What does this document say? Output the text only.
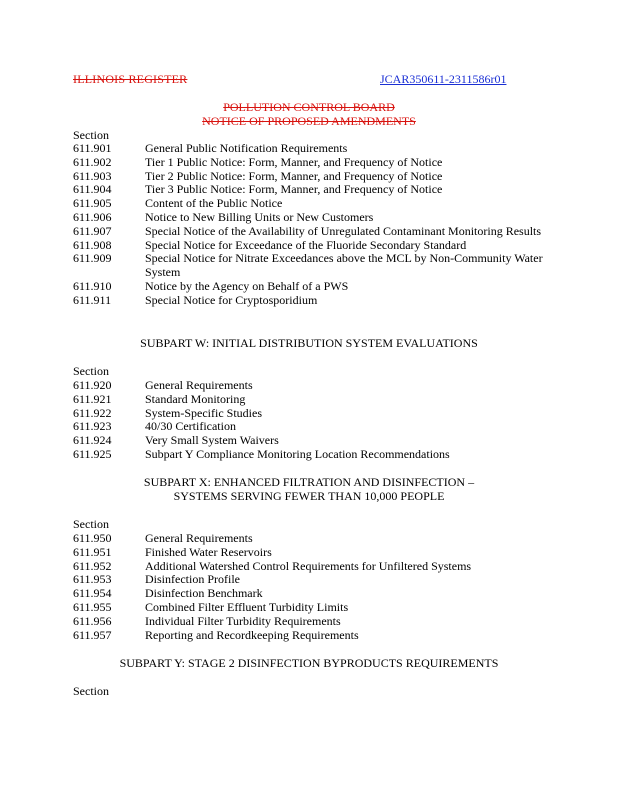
ILLINOIS REGISTER	JCAR350611-2311586r01
POLLUTION CONTROL BOARD
NOTICE OF PROPOSED AMENDMENTS
Section
611.901	General Public Notification Requirements
611.902	Tier 1 Public Notice: Form, Manner, and Frequency of Notice
611.903	Tier 2 Public Notice: Form, Manner, and Frequency of Notice
611.904	Tier 3 Public Notice: Form, Manner, and Frequency of Notice
611.905	Content of the Public Notice
611.906	Notice to New Billing Units or New Customers
611.907	Special Notice of the Availability of Unregulated Contaminant Monitoring Results
611.908	Special Notice for Exceedance of the Fluoride Secondary Standard
611.909	Special Notice for Nitrate Exceedances above the MCL by Non-Community Water System
611.910	Notice by the Agency on Behalf of a PWS
611.911	Special Notice for Cryptosporidium
SUBPART W: INITIAL DISTRIBUTION SYSTEM EVALUATIONS
Section
611.920	General Requirements
611.921	Standard Monitoring
611.922	System-Specific Studies
611.923	40/30 Certification
611.924	Very Small System Waivers
611.925	Subpart Y Compliance Monitoring Location Recommendations
SUBPART X: ENHANCED FILTRATION AND DISINFECTION –
SYSTEMS SERVING FEWER THAN 10,000 PEOPLE
Section
611.950	General Requirements
611.951	Finished Water Reservoirs
611.952	Additional Watershed Control Requirements for Unfiltered Systems
611.953	Disinfection Profile
611.954	Disinfection Benchmark
611.955	Combined Filter Effluent Turbidity Limits
611.956	Individual Filter Turbidity Requirements
611.957	Reporting and Recordkeeping Requirements
SUBPART Y: STAGE 2 DISINFECTION BYPRODUCTS REQUIREMENTS
Section
